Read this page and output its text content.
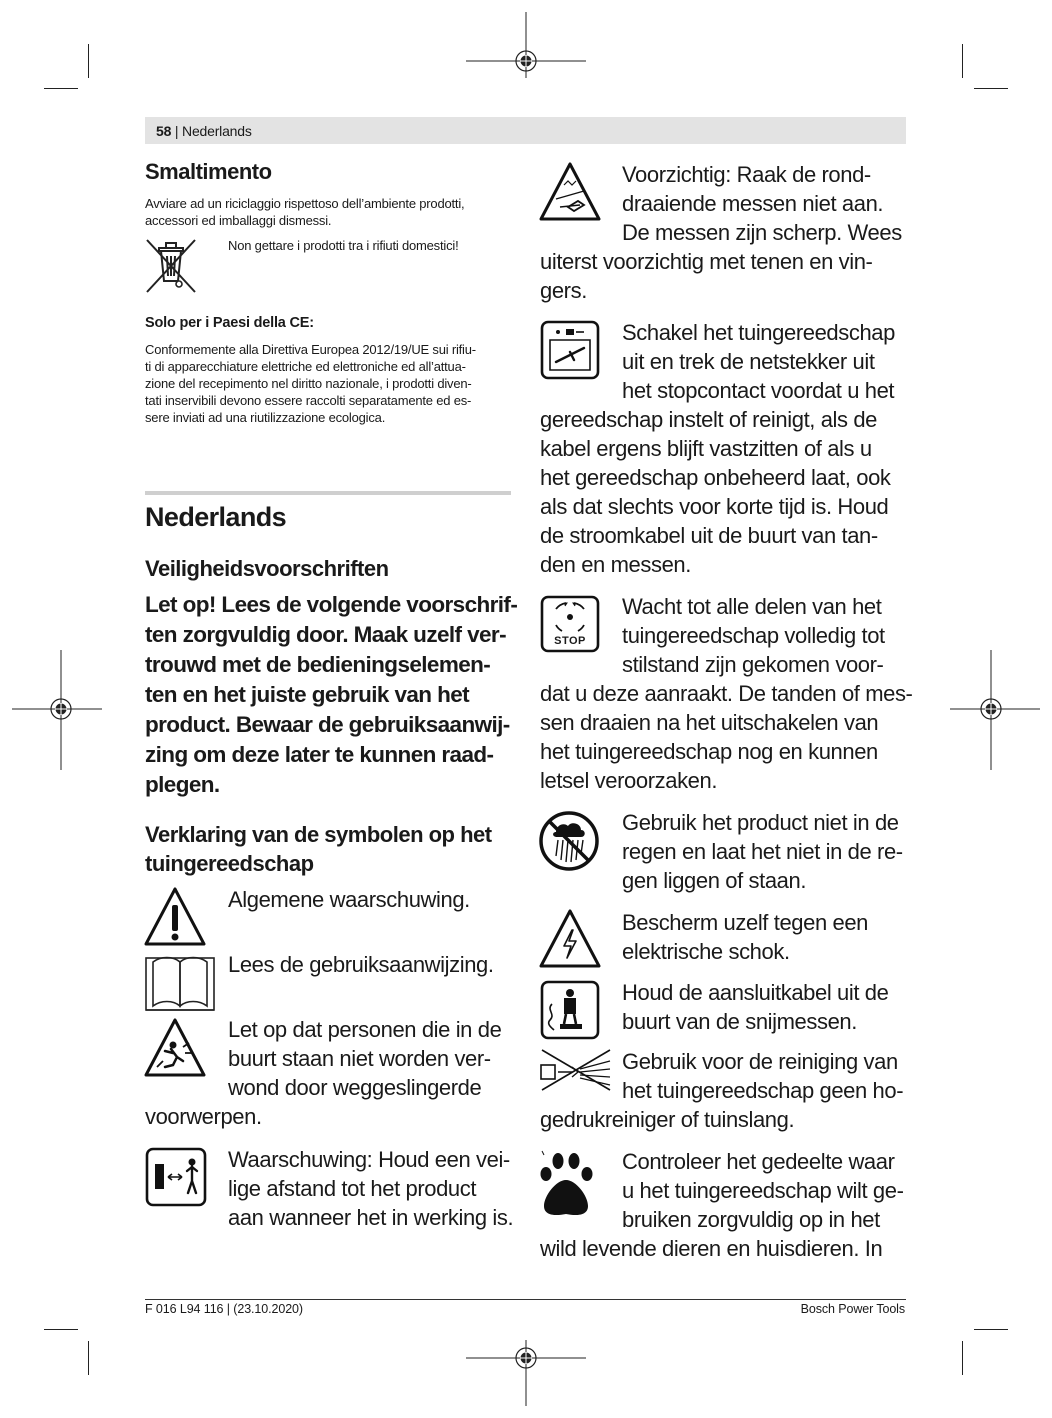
58 | Nederlands
Smaltimento
Avviare ad un riciclaggio rispettoso dell’ambiente prodotti, accessori ed imballaggi dismessi.
Non gettare i prodotti tra i rifiuti domestici!
Solo per i Paesi della CE:
Conformemente alla Direttiva Europea 2012/19/UE sui rifiu-
ti di apparecchiature elettriche ed elettroniche ed all’attua-
zione del recepimento nel diritto nazionale, i prodotti diven-
tati inservibili devono essere raccolti separatamente ed es-
sere inviati ad una riutilizzazione ecologica.
Nederlands
Veiligheidsvoorschriften
Let op! Lees de volgende voorschrif-
ten zorgvuldig door. Maak uzelf ver-
trouwd met de bedieningselemen-
ten en het juiste gebruik van het
product. Bewaar de gebruiksaanwij-
zing om deze later te kunnen raad-
plegen.
Verklaring van de symbolen op het
tuingereedschap
Algemene waarschuwing.
Lees de gebruiksaanwijzing.
Let op dat personen die in de
buurt staan niet worden ver-
wond door weggeslingerde
voorwerpen.
Waarschuwing: Houd een vei-
lige afstand tot het product
aan wanneer het in werking is.
Voorzichtig: Raak de rond-
draaiende messen niet aan.
De messen zijn scherp. Wees
uiterst voorzichtig met tenen en vin-
gers.
Schakel het tuingereedschap
uit en trek de netstekker uit
het stopcontact voordat u het
gereedschap instelt of reinigt, als de
kabel ergens blijft vastzitten of als u
het gereedschap onbeheerd laat, ook
als dat slechts voor korte tijd is. Houd
de stroomkabel uit de buurt van tan-
den en messen.
STOP
Wacht tot alle delen van het
tuingereedschap volledig tot
stilstand zijn gekomen voor-
dat u deze aanraakt. De tanden of mes-
sen draaien na het uitschakelen van
het tuingereedschap nog en kunnen
letsel veroorzaken.
Gebruik het product niet in de
regen en laat het niet in de re-
gen liggen of staan.
Bescherm uzelf tegen een
elektrische schok.
Houd de aansluitkabel uit de
buurt van de snijmessen.
Gebruik voor de reiniging van
het tuingereedschap geen ho-
gedrukreiniger of tuinslang.
Controleer het gedeelte waar
u het tuingereedschap wilt ge-
bruiken zorgvuldig op in het
wild levende dieren en huisdieren. In
F 016 L94 116 | (23.10.2020)	Bosch Power Tools
